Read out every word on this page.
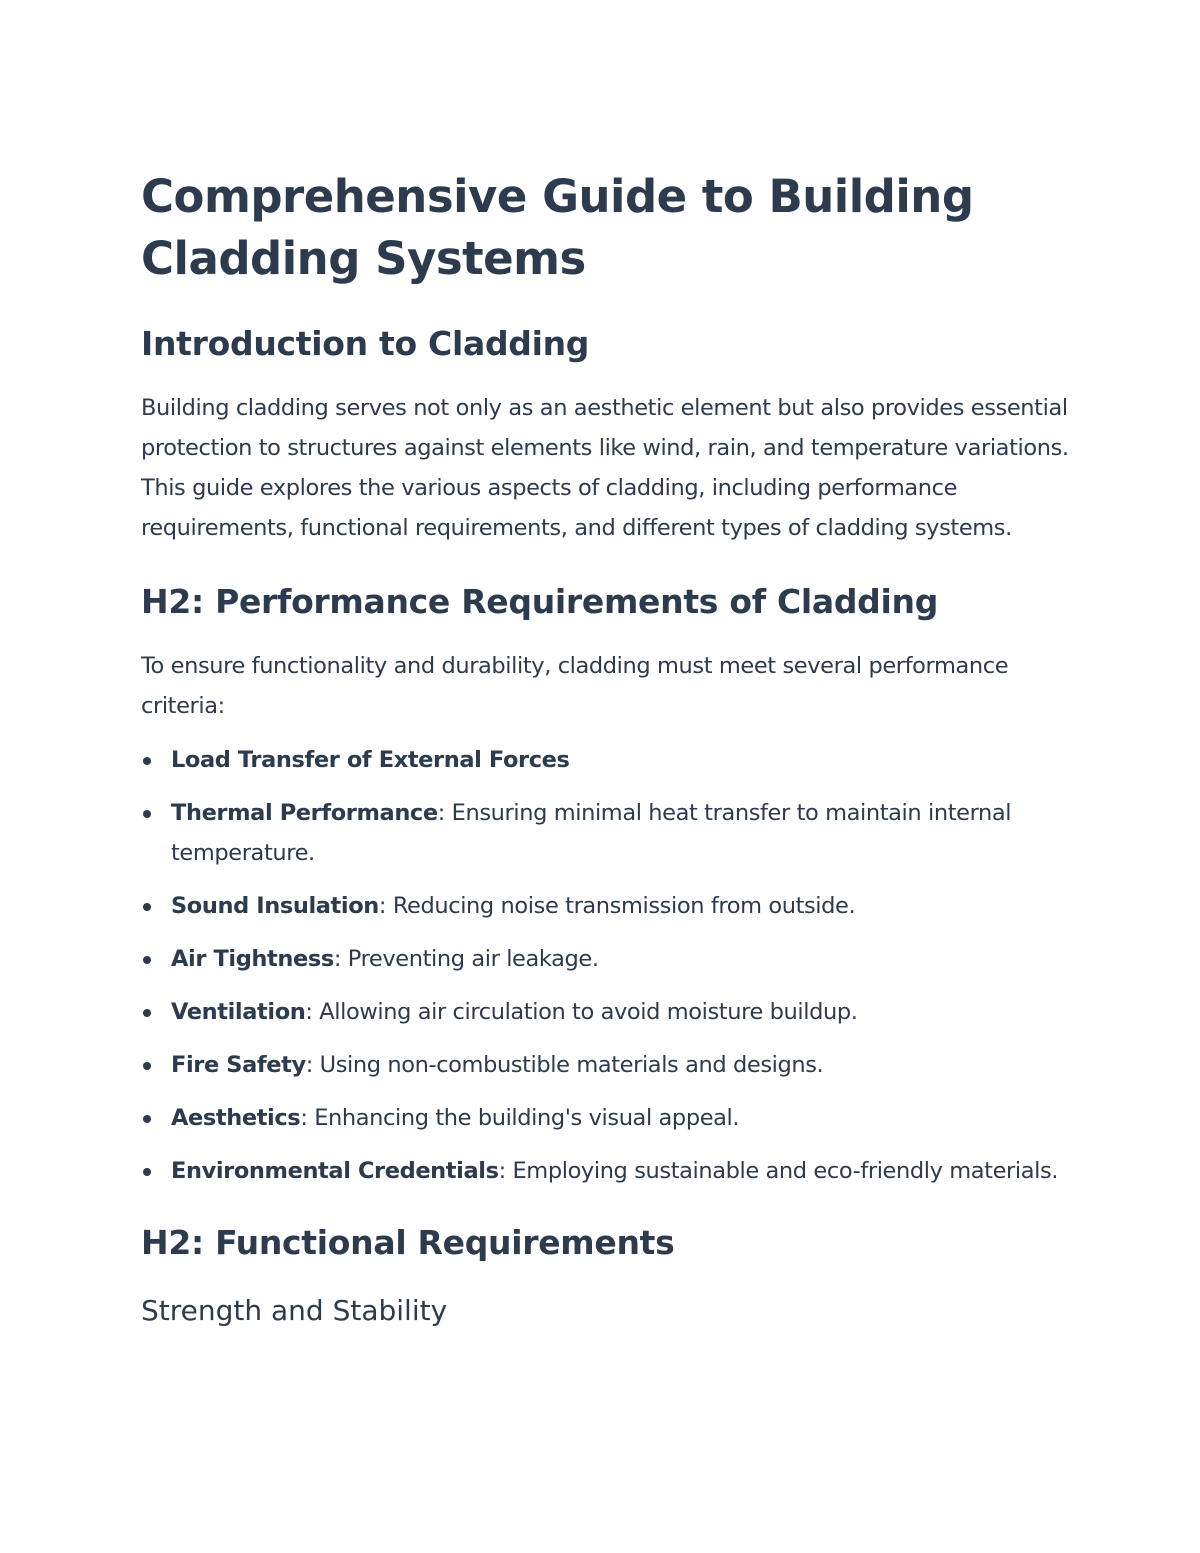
Comprehensive Guide to Building Cladding Systems
Introduction to Cladding

Building cladding serves not only as an aesthetic element but also provides essential protection to structures against elements like wind, rain, and temperature variations. This guide explores the various aspects of cladding, including performance requirements, functional requirements, and different types of cladding systems.

H2: Performance Requirements of Cladding

To ensure functionality and durability, cladding must meet several performance criteria:

Load Transfer of External Forces
Thermal Performance: Ensuring minimal heat transfer to maintain internal temperature.
Sound Insulation: Reducing noise transmission from outside.
Air Tightness: Preventing air leakage.
Ventilation: Allowing air circulation to avoid moisture buildup.
Fire Safety: Using non-combustible materials and designs.
Aesthetics: Enhancing the building's visual appeal.
Environmental Credentials: Employing sustainable and eco-friendly materials.
H2: Functional Requirements
Strength and Stability
